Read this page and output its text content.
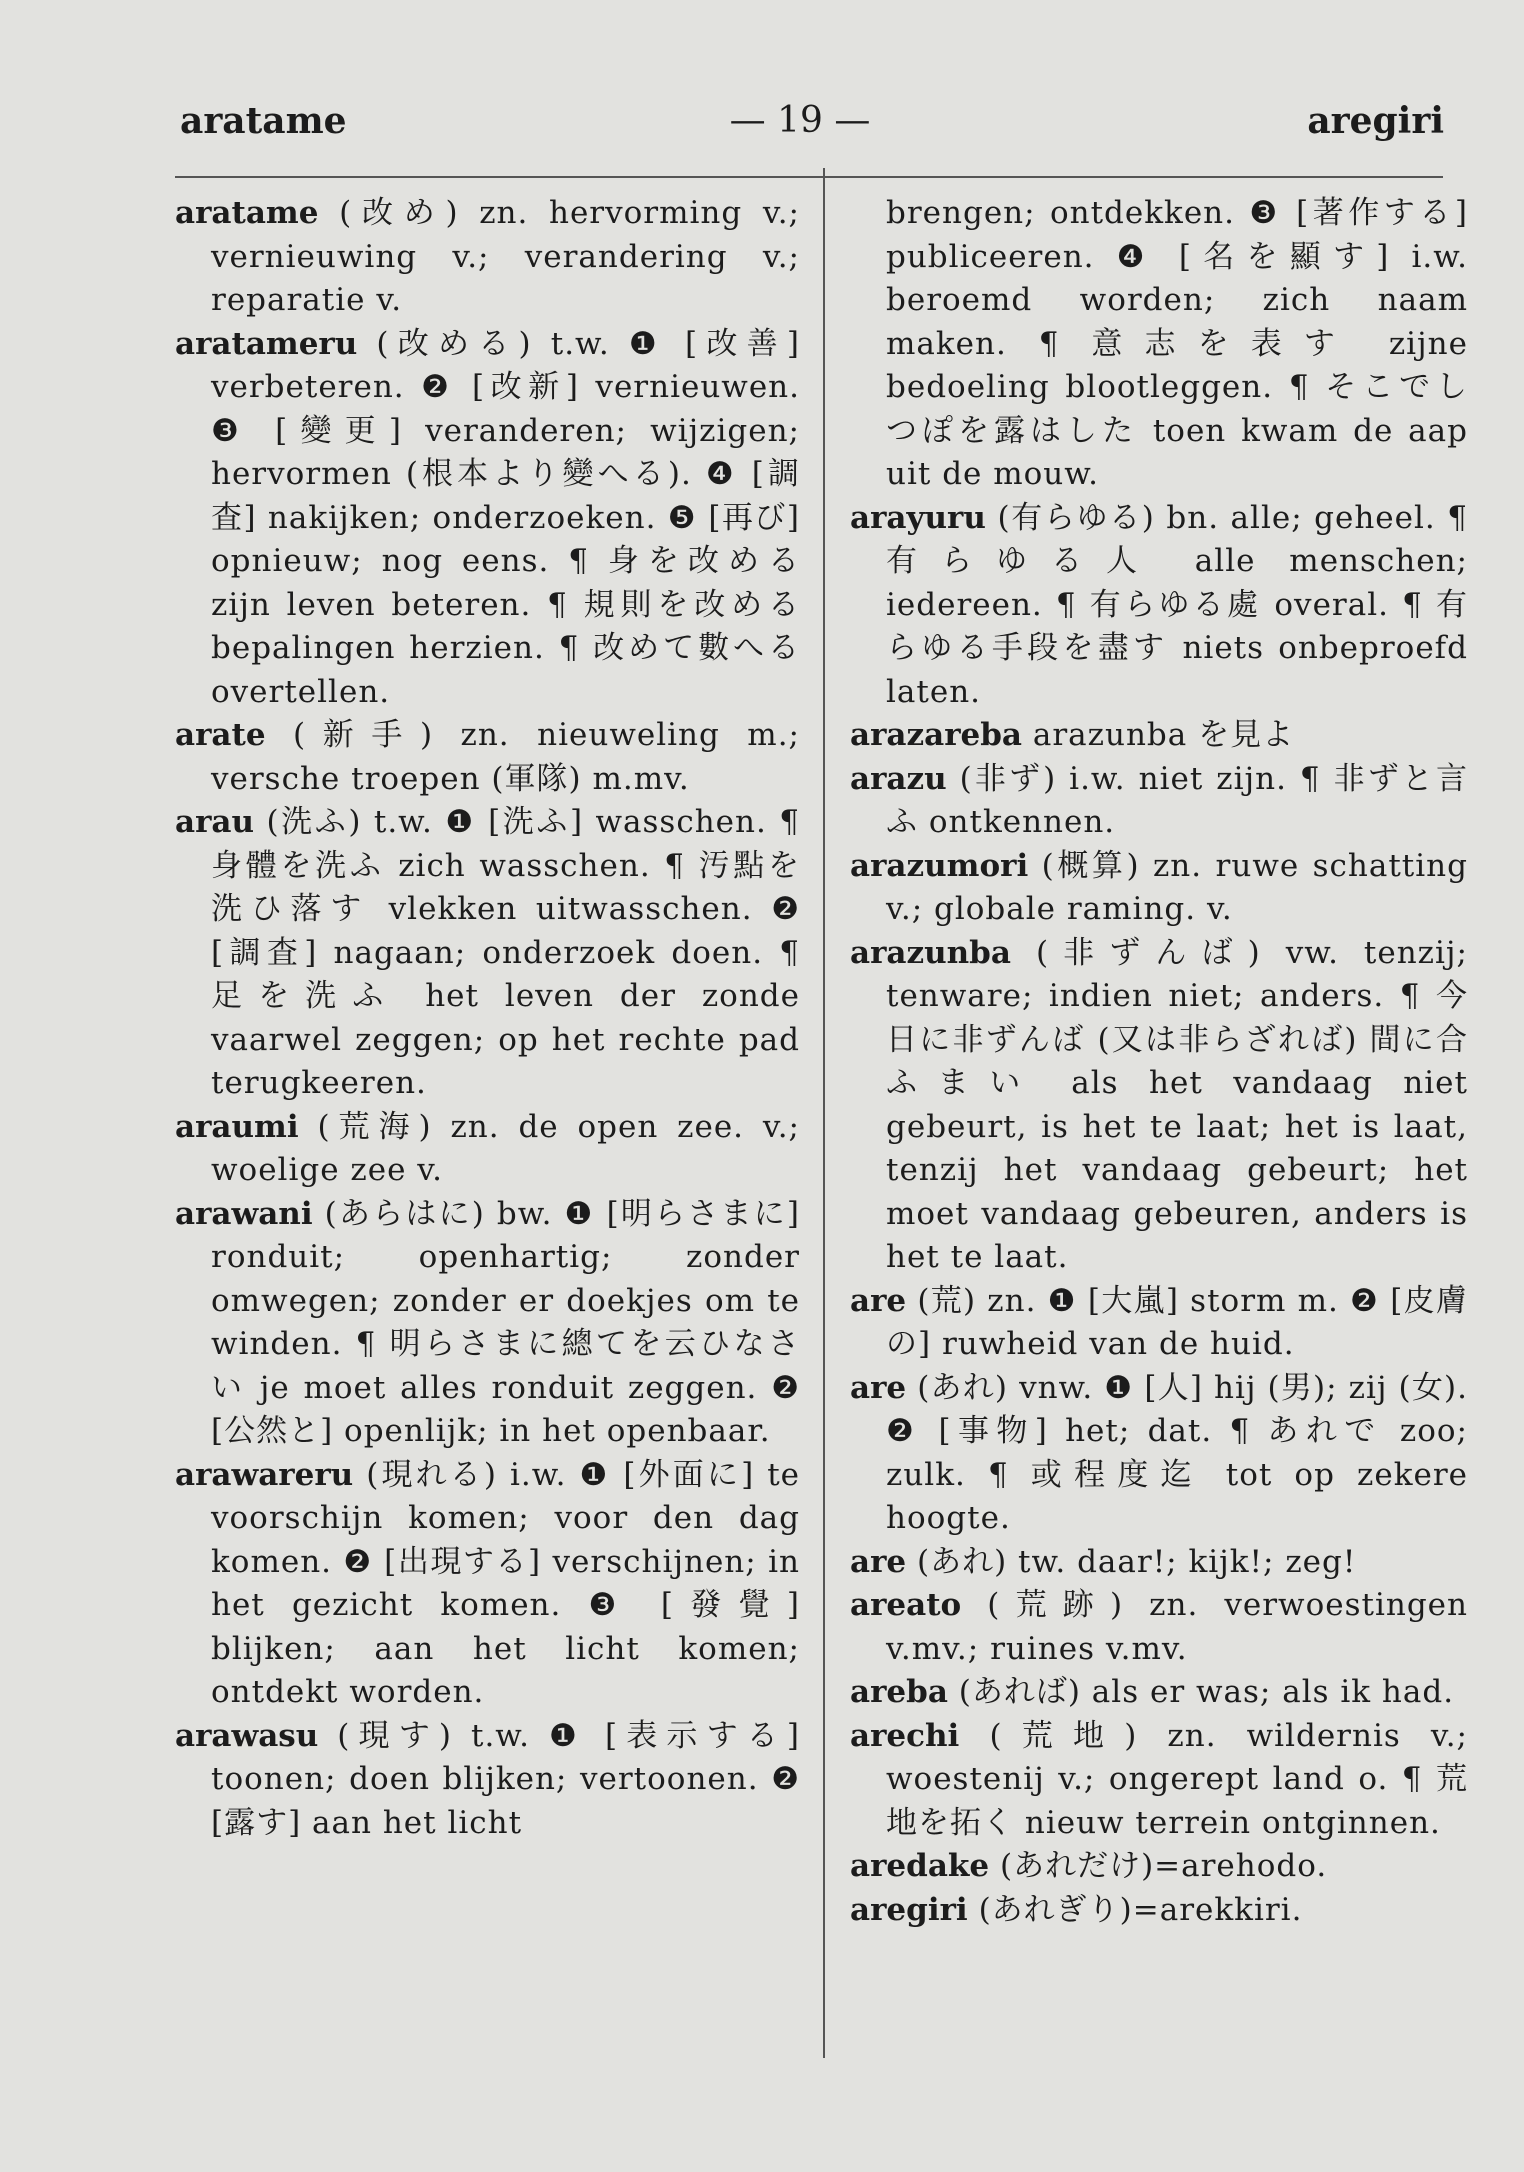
aratame	— 19 —	aregiri

aratame (改め) zn. hervorming v.; vernieuwing v.; verandering v.; reparatie v.

aratameru (改める) t.w. ❶ [改善] verbeteren. ❷ [改新] vernieuwen. ❸ [變更] veranderen; wijzigen; hervormen (根本より變へる). ❹ [調査] nakijken; onderzoeken. ❺ [再び] opnieuw; nog eens. ¶ 身を改める zijn leven beteren. ¶ 規則を改める bepalingen herzien. ¶ 改めて數へる overtellen.

arate (新手) zn. nieuweling m.; versche troepen (軍隊) m.mv.

arau (洗ふ) t.w. ❶ [洗ふ] wasschen. ¶ 身體を洗ふ zich wasschen. ¶ 汚點を洗ひ落す vlekken uitwasschen. ❷ [調査] nagaan; onderzoek doen. ¶ 足を洗ふ het leven der zonde vaarwel zeggen; op het rechte pad terugkeeren.

araumi (荒海) zn. de open zee. v.; woelige zee v.

arawani (あらはに) bw. ❶ [明らさまに] ronduit; openhartig; zonder omwegen; zonder er doekjes om te winden. ¶ 明らさまに總てを云ひなさい je moet alles ronduit zeggen. ❷ [公然と] openlijk; in het openbaar.

arawareru (現れる) i.w. ❶ [外面に] te voorschijn komen; voor den dag komen. ❷ [出現する] verschijnen; in het gezicht komen. ❸ [發覺] blijken; aan het licht komen; ontdekt worden.

arawasu (現す) t.w. ❶ [表示する] toonen; doen blijken; vertoonen. ❷ [露す] aan het licht

brengen; ontdekken. ❸ [著作する] publiceeren. ❹ [名を顯す] i.w. beroemd worden; zich naam maken. ¶ 意志を表す zijne bedoeling blootleggen. ¶ そこでしつぽを露はした toen kwam de aap uit de mouw.

arayuru (有らゆる) bn. alle; geheel. ¶ 有らゆる人 alle menschen; iedereen. ¶ 有らゆる處 overal. ¶ 有らゆる手段を盡す niets onbeproefd laten.

arazareba arazunba を見よ

arazu (非ず) i.w. niet zijn. ¶ 非ずと言ふ ontkennen.

arazumori (概算) zn. ruwe schatting v.; globale raming. v.

arazunba (非ずんば) vw. tenzij; tenware; indien niet; anders. ¶ 今日に非ずんば (又は非らざれば) 間に合ふまい als het vandaag niet gebeurt, is het te laat; het is laat, tenzij het vandaag gebeurt; het moet vandaag gebeuren, anders is het te laat.

are (荒) zn. ❶ [大嵐] storm m. ❷ [皮膚の] ruwheid van de huid.

are (あれ) vnw. ❶ [人] hij (男); zij (女). ❷ [事物] het; dat. ¶ あれで zoo; zulk. ¶ 或程度迄 tot op zekere hoogte.

are (あれ) tw. daar!; kijk!; zeg!

areato (荒跡) zn. verwoestingen v.mv.; ruines v.mv.

areba (あれば) als er was; als ik had.

arechi (荒地) zn. wildernis v.; woestenij v.; ongerept land o. ¶ 荒地を拓く nieuw terrein ontginnen.

aredake (あれだけ)=arehodo.

aregiri (あれぎり)=arekkiri.
